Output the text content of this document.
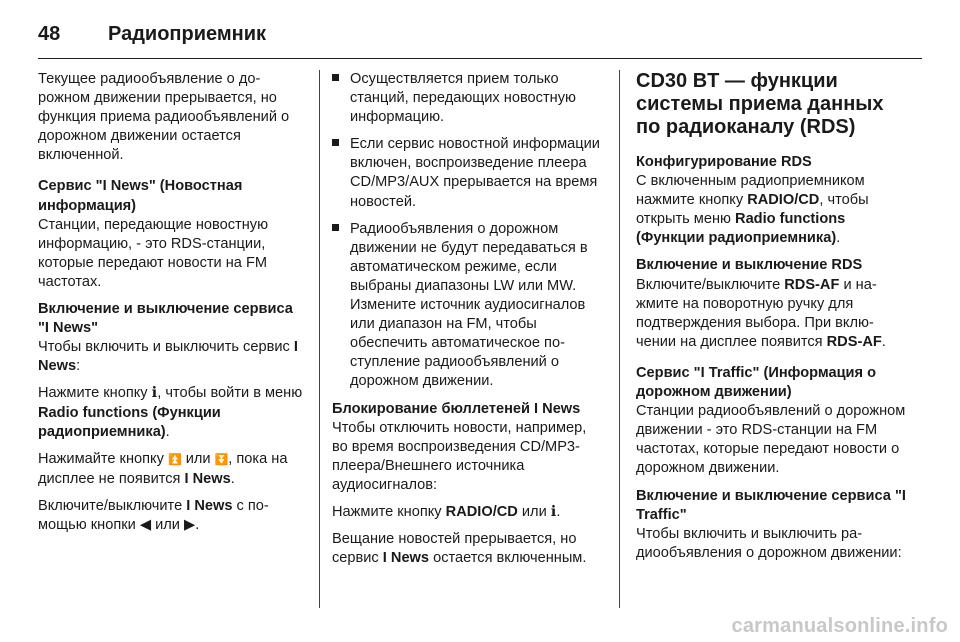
48	Радиоприемник

Текущее радиообъявление о дорожном движении прерывается, но функция приема радиообъявлений о дорожном движении остается включенной.

Сервис "I News" (Новостная информация)

Станции, передающие новостную информацию, - это RDS-станции, которые передают новости на FM частотах.

Включение и выключение сервиса "I News"

Чтобы включить и выключить сервис I News:

Нажмите кнопку ℹ, чтобы войти в меню Radio functions (Функции радиоприемника).

Нажимайте кнопку ⏫ или ⏬, пока на дисплее не появится I News.

Включите/выключите I News с помощью кнопки ◀ или ▶.

Осуществляется прием только станций, передающих новостную информацию.
Если сервис новостной информации включен, воспроизведение плеера CD/MP3/AUX прерывается на время новостей.
Радиообъявления о дорожном движении не будут передаваться в автоматическом режиме, если выбраны диапазоны LW или MW. Измените источник аудиосигналов или диапазон на FM, чтобы обеспечить автоматическое поступление радиообъявлений о дорожном движении.

Блокирование бюллетеней I News

Чтобы отключить новости, например, во время воспроизведения CD/MP3-плеера/Внешнего источника аудиосигналов:

Нажмите кнопку RADIO/CD или ℹ.

Вещание новостей прерывается, но сервис I News остается включенным.

CD30 BT — функции системы приема данных по радиоканалу (RDS)

Конфигурирование RDS

С включенным радиоприемником нажмите кнопку RADIO/CD, чтобы открыть меню Radio functions (Функции радиоприемника).

Включение и выключение RDS

Включите/выключите RDS-AF и нажмите на поворотную ручку для подтверждения выбора. При включении на дисплее появится RDS-AF.

Сервис "I Traffic" (Информация о дорожном движении)

Станции радиообъявлений о дорожном движении - это RDS-станции на FM частотах, которые передают новости о дорожном движении.

Включение и выключение сервиса "I Traffic"

Чтобы включить и выключить радиообъявления о дорожном движении:

carmanualsonline.info
